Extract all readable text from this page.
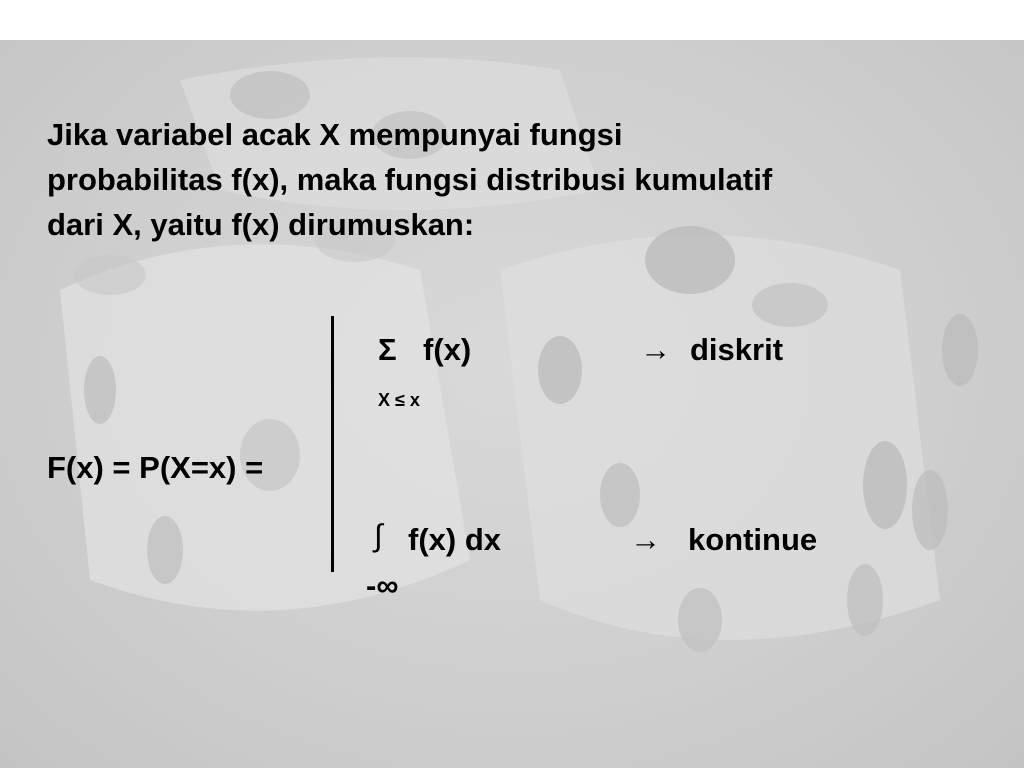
Jika variabel acak X mempunyai fungsi
probabilitas f(x), maka fungsi distribusi kumulatif
dari X, yaitu f(x) dirumuskan:

F(x) = P(X=x) =
Σ f(x)
X ≤ x
→ diskrit
∫ f(x) dx
-∞
→ kontinue
